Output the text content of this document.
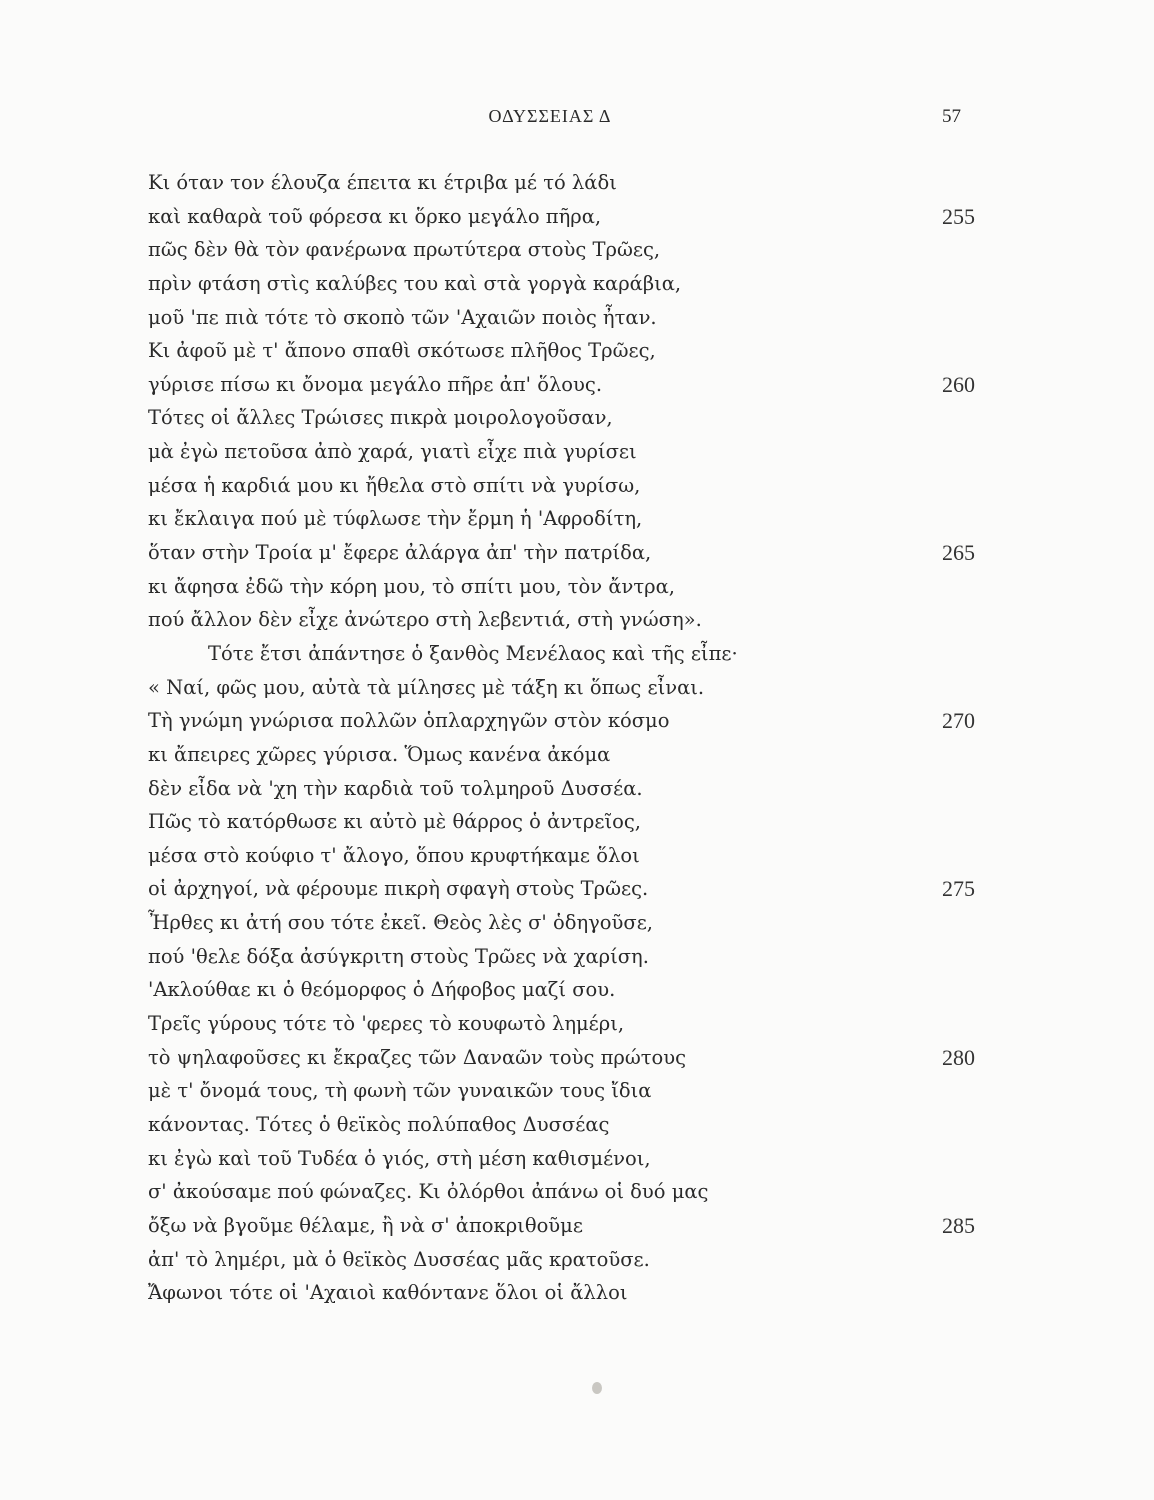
ΟΔΥΣΣΕΙΑΣ Δ	57
Κι όταν τον έλουζα έπειτα κι έτριβα μέ τό λάδι
καὶ καθαρὰ τοῦ φόρεσα κι ὅρκο μεγάλο πῆρα,	255
πῶς δὲν θὰ τὸν φανέρωνα πρωτύτερα στοὺς Τρῶες,
πρὶν φτάση στὶς καλύβες του καὶ στὰ γοργὰ καράβια,
μοῦ 'πε πιὰ τότε τὸ σκοπὸ τῶν 'Αχαιῶν ποιὸς ἦταν.
Κι ἀφοῦ μὲ τ' ἄπονο σπαθὶ σκότωσε πλῆθος Τρῶες,
γύρισε πίσω κι ὄνομα μεγάλο πῆρε ἀπ' ὅλους.	260
Τότες οἱ ἄλλες Τρώισες πικρὰ μοιρολογοῦσαν,
μὰ ἐγὼ πετοῦσα ἀπὸ χαρά, γιατὶ εἶχε πιὰ γυρίσει
μέσα ἡ καρδιά μου κι ἤθελα στὸ σπίτι νὰ γυρίσω,
κι ἔκλαιγα πού μὲ τύφλωσε τὴν ἔρμη ἡ 'Αφροδίτη,
ὅταν στὴν Τροία μ' ἔφερε ἀλάργα ἀπ' τὴν πατρίδα,	265
κι ἄφησα ἐδῶ τὴν κόρη μου, τὸ σπίτι μου, τὸν ἄντρα,
πού ἄλλον δὲν εἶχε ἀνώτερο στὴ λεβεντιά, στὴ γνώση».
Τότε ἔτσι ἀπάντησε ὁ ξανθὸς Μενέλαος καὶ τῆς εἶπε·
« Ναί, φῶς μου, αὐτὰ τὰ μίλησες μὲ τάξη κι ὅπως εἶναι.
Τὴ γνώμη γνώρισα πολλῶν ὁπλαρχηγῶν στὸν κόσμο	270
κι ἄπειρες χῶρες γύρισα. Ὅμως κανένα ἀκόμα
δὲν εἶδα νὰ 'χη τὴν καρδιὰ τοῦ τολμηροῦ Δυσσέα.
Πῶς τὸ κατόρθωσε κι αὐτὸ μὲ θάρρος ὁ ἀντρεῖος,
μέσα στὸ κούφιο τ' ἄλογο, ὅπου κρυφτήκαμε ὅλοι
οἱ ἀρχηγοί, νὰ φέρουμε πικρὴ σφαγὴ στοὺς Τρῶες.	275
Ἦρθες κι ἀτή σου τότε ἐκεῖ. Θεὸς λὲς σ' ὁδηγοῦσε,
πού 'θελε δόξα ἀσύγκριτη στοὺς Τρῶες νὰ χαρίση.
'Ακλούθαε κι ὁ θεόμορφος ὁ Δήφοβος μαζί σου.
Τρεῖς γύρους τότε τὸ 'φερες τὸ κουφωτὸ λημέρι,
τὸ ψηλαφοῦσες κι ἔκραζες τῶν Δαναῶν τοὺς πρώτους	280
μὲ τ' ὄνομά τους, τὴ φωνὴ τῶν γυναικῶν τους ἴδια
κάνοντας. Τότες ὁ θεϊκὸς πολύπαθος Δυσσέας
κι ἐγὼ καὶ τοῦ Τυδέα ὁ γιός, στὴ μέση καθισμένοι,
σ' ἀκούσαμε πού φώναζες. Κι ὀλόρθοι ἀπάνω οἱ δυό μας
ὄξω νὰ βγοῦμε θέλαμε, ἢ νὰ σ' ἀποκριθοῦμε	285
ἀπ' τὸ λημέρι, μὰ ὁ θεϊκὸς Δυσσέας μᾶς κρατοῦσε.
Ἄφωνοι τότε οἱ 'Αχαιοὶ καθόντανε ὅλοι οἱ ἄλλοι
